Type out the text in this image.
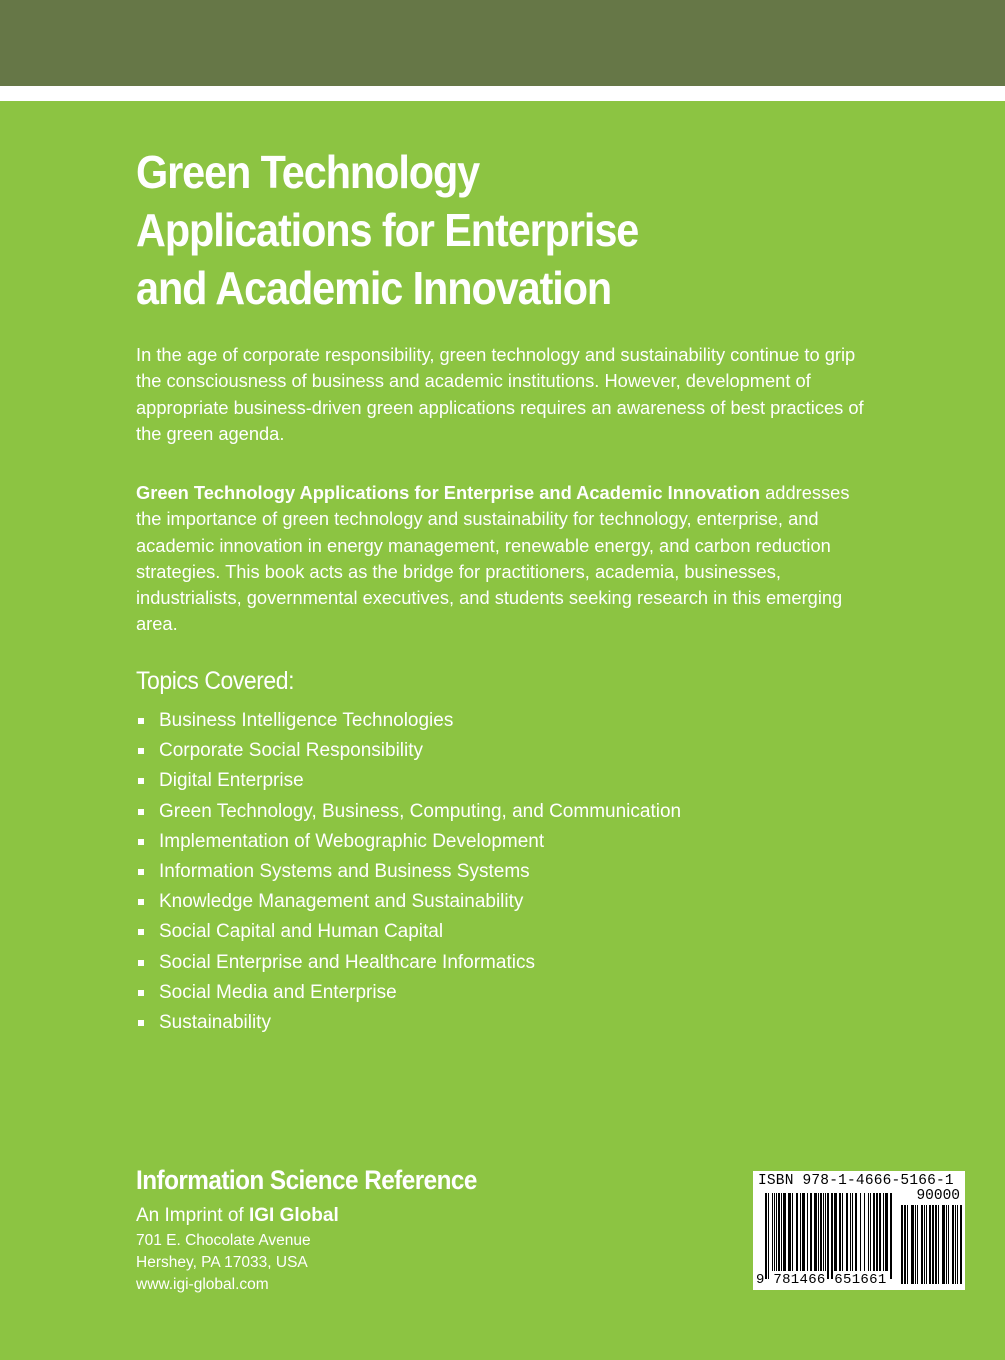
Green Technology
Applications for Enterprise
and Academic Innovation

In the age of corporate responsibility, green technology and sustainability continue to grip the consciousness of business and academic institutions. However, development of appropriate business-driven green applications requires an awareness of best practices of the green agenda.

Green Technology Applications for Enterprise and Academic Innovation addresses the importance of green technology and sustainability for technology, enterprise, and academic innovation in energy management, renewable energy, and carbon reduction strategies. This book acts as the bridge for practitioners, academia, businesses, industrialists, governmental executives, and students seeking research in this emerging area.

Topics Covered:
Business Intelligence Technologies
Corporate Social Responsibility
Digital Enterprise
Green Technology, Business, Computing, and Communication
Implementation of Webographic Development
Information Systems and Business Systems
Knowledge Management and Sustainability
Social Capital and Human Capital
Social Enterprise and Healthcare Informatics
Social Media and Enterprise
Sustainability
Information Science Reference
An Imprint of IGI Global
701 E. Chocolate Avenue
Hershey, PA 17033, USA
www.igi-global.com
ISBN 978-1-4666-5166-1
90000
9 781466 651661
